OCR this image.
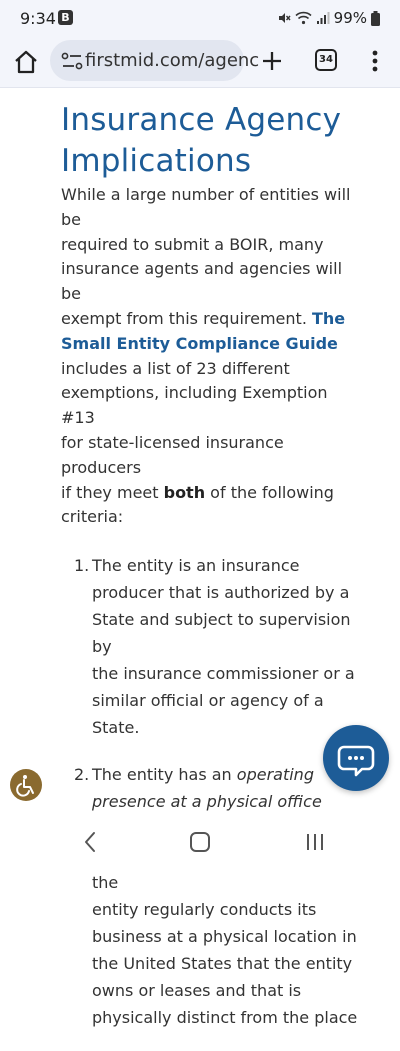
9:34 B	99%
firstmid.com/agenc	34
Insurance Agency
Implications

While a large number of entities will be
required to submit a BOIR, many
insurance agents and agencies will be
exempt from this requirement. The
Small Entity Compliance Guide
includes a list of 23 different
exemptions, including Exemption #13
for state-licensed insurance producers
if they meet both of the following
criteria:

1. The entity is an insurance
producer that is authorized by a
State and subject to supervision by
the insurance commissioner or a
similar official or agency of a State.
2. The entity has an operating
presence at a physical office
the
entity regularly conducts its
business at a physical location in
the United States that the entity
owns or leases and that is
physically distinct from the place
